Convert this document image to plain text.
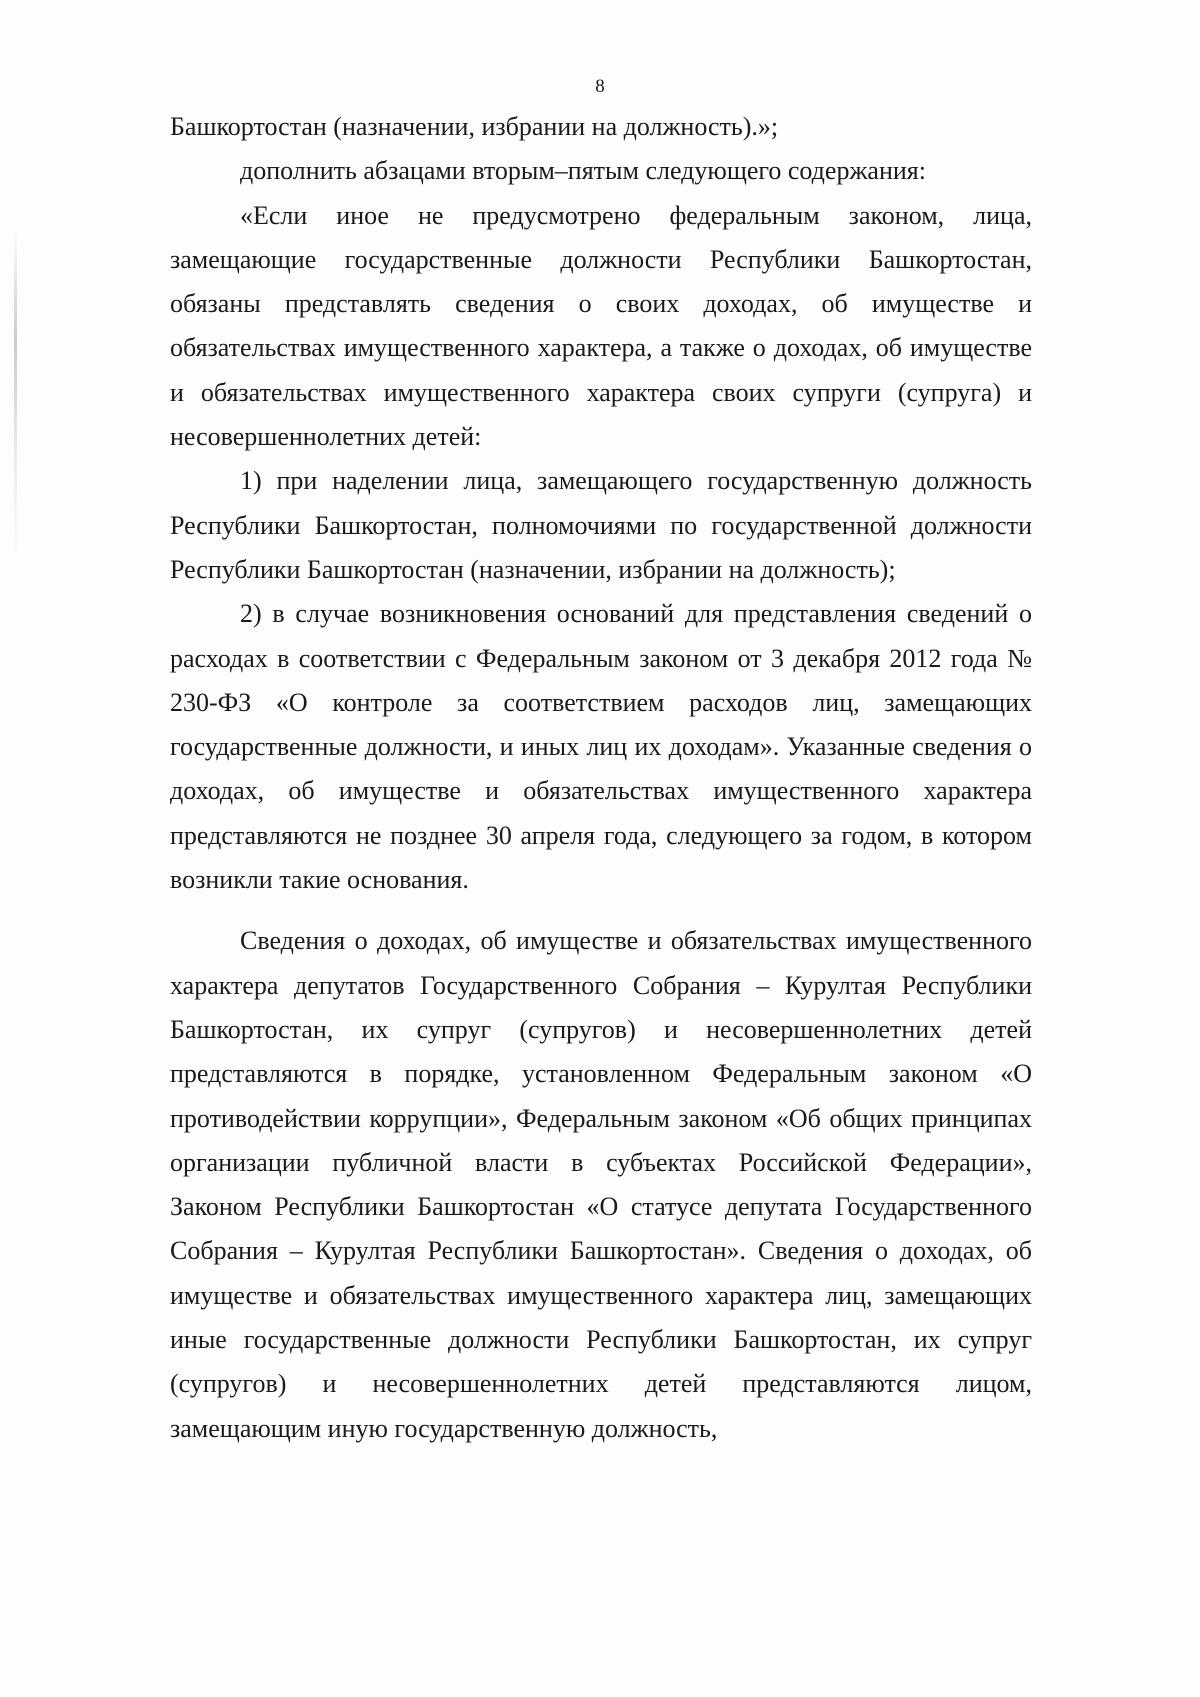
8

Башкортостан (назначении, избрании на должность).»;

дополнить абзацами вторым–пятым следующего содержания:

«Если иное не предусмотрено федеральным законом, лица, замещающие государственные должности Республики Башкортостан, обязаны представлять сведения о своих доходах, об имуществе и обязательствах имущественного характера, а также о доходах, об имуществе и обязательствах имущественного характера своих супруги (супруга) и несовершеннолетних детей:

1) при наделении лица, замещающего государственную должность Республики Башкортостан, полномочиями по государственной должности Республики Башкортостан (назначении, избрании на должность);

2) в случае возникновения оснований для представления сведений о расходах в соответствии с Федеральным законом от 3 декабря 2012 года № 230-ФЗ «О контроле за соответствием расходов лиц, замещающих государственные должности, и иных лиц их доходам». Указанные сведения о доходах, об имуществе и обязательствах имущественного характера представляются не позднее 30 апреля года, следующего за годом, в котором возникли такие основания.

Сведения о доходах, об имуществе и обязательствах имущественного характера депутатов Государственного Собрания – Курултая Республики Башкортостан, их супруг (супругов) и несовершеннолетних детей представляются в порядке, установленном Федеральным законом «О противодействии коррупции», Федеральным законом «Об общих принципах организации публичной власти в субъектах Российской Федерации», Законом Республики Башкортостан «О статусе депутата Государственного Собрания – Курултая Республики Башкортостан». Сведения о доходах, об имуществе и обязательствах имущественного характера лиц, замещающих иные государственные должности Республики Башкортостан, их супруг (супругов) и несовершеннолетних детей представляются лицом, замещающим иную государственную должность,
